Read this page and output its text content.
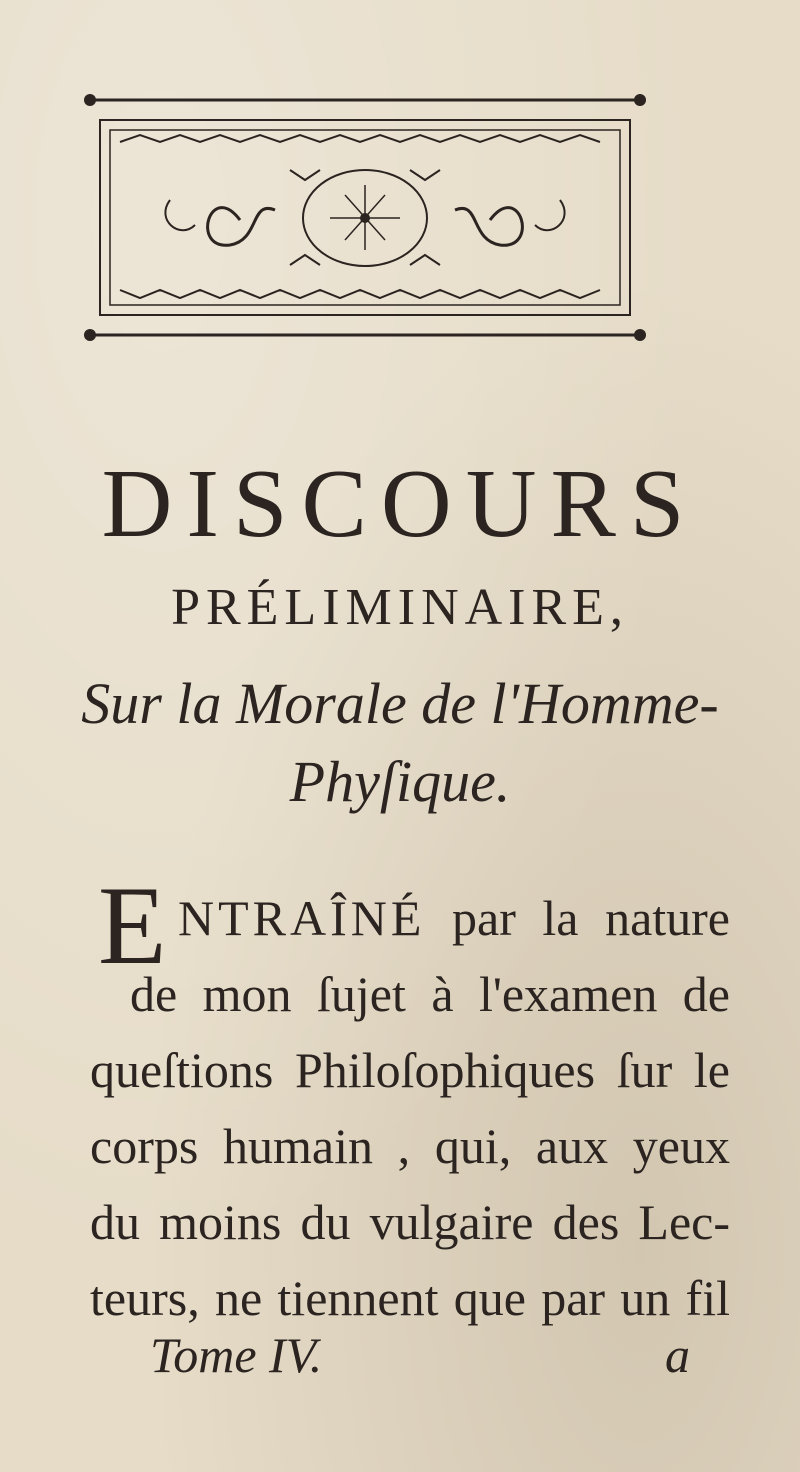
DISCOURS
PRÉLIMINAIRE,
Sur la Morale de l'Homme-
Phyſique.
E NTRAÎNÉ par la nature
de mon ſujet à l'examen de
queſtions Philoſophiques ſur le
corps humain , qui, aux yeux
du moins du vulgaire des Lec-
teurs, ne tiennent que par un fil
Tome IV.	a
